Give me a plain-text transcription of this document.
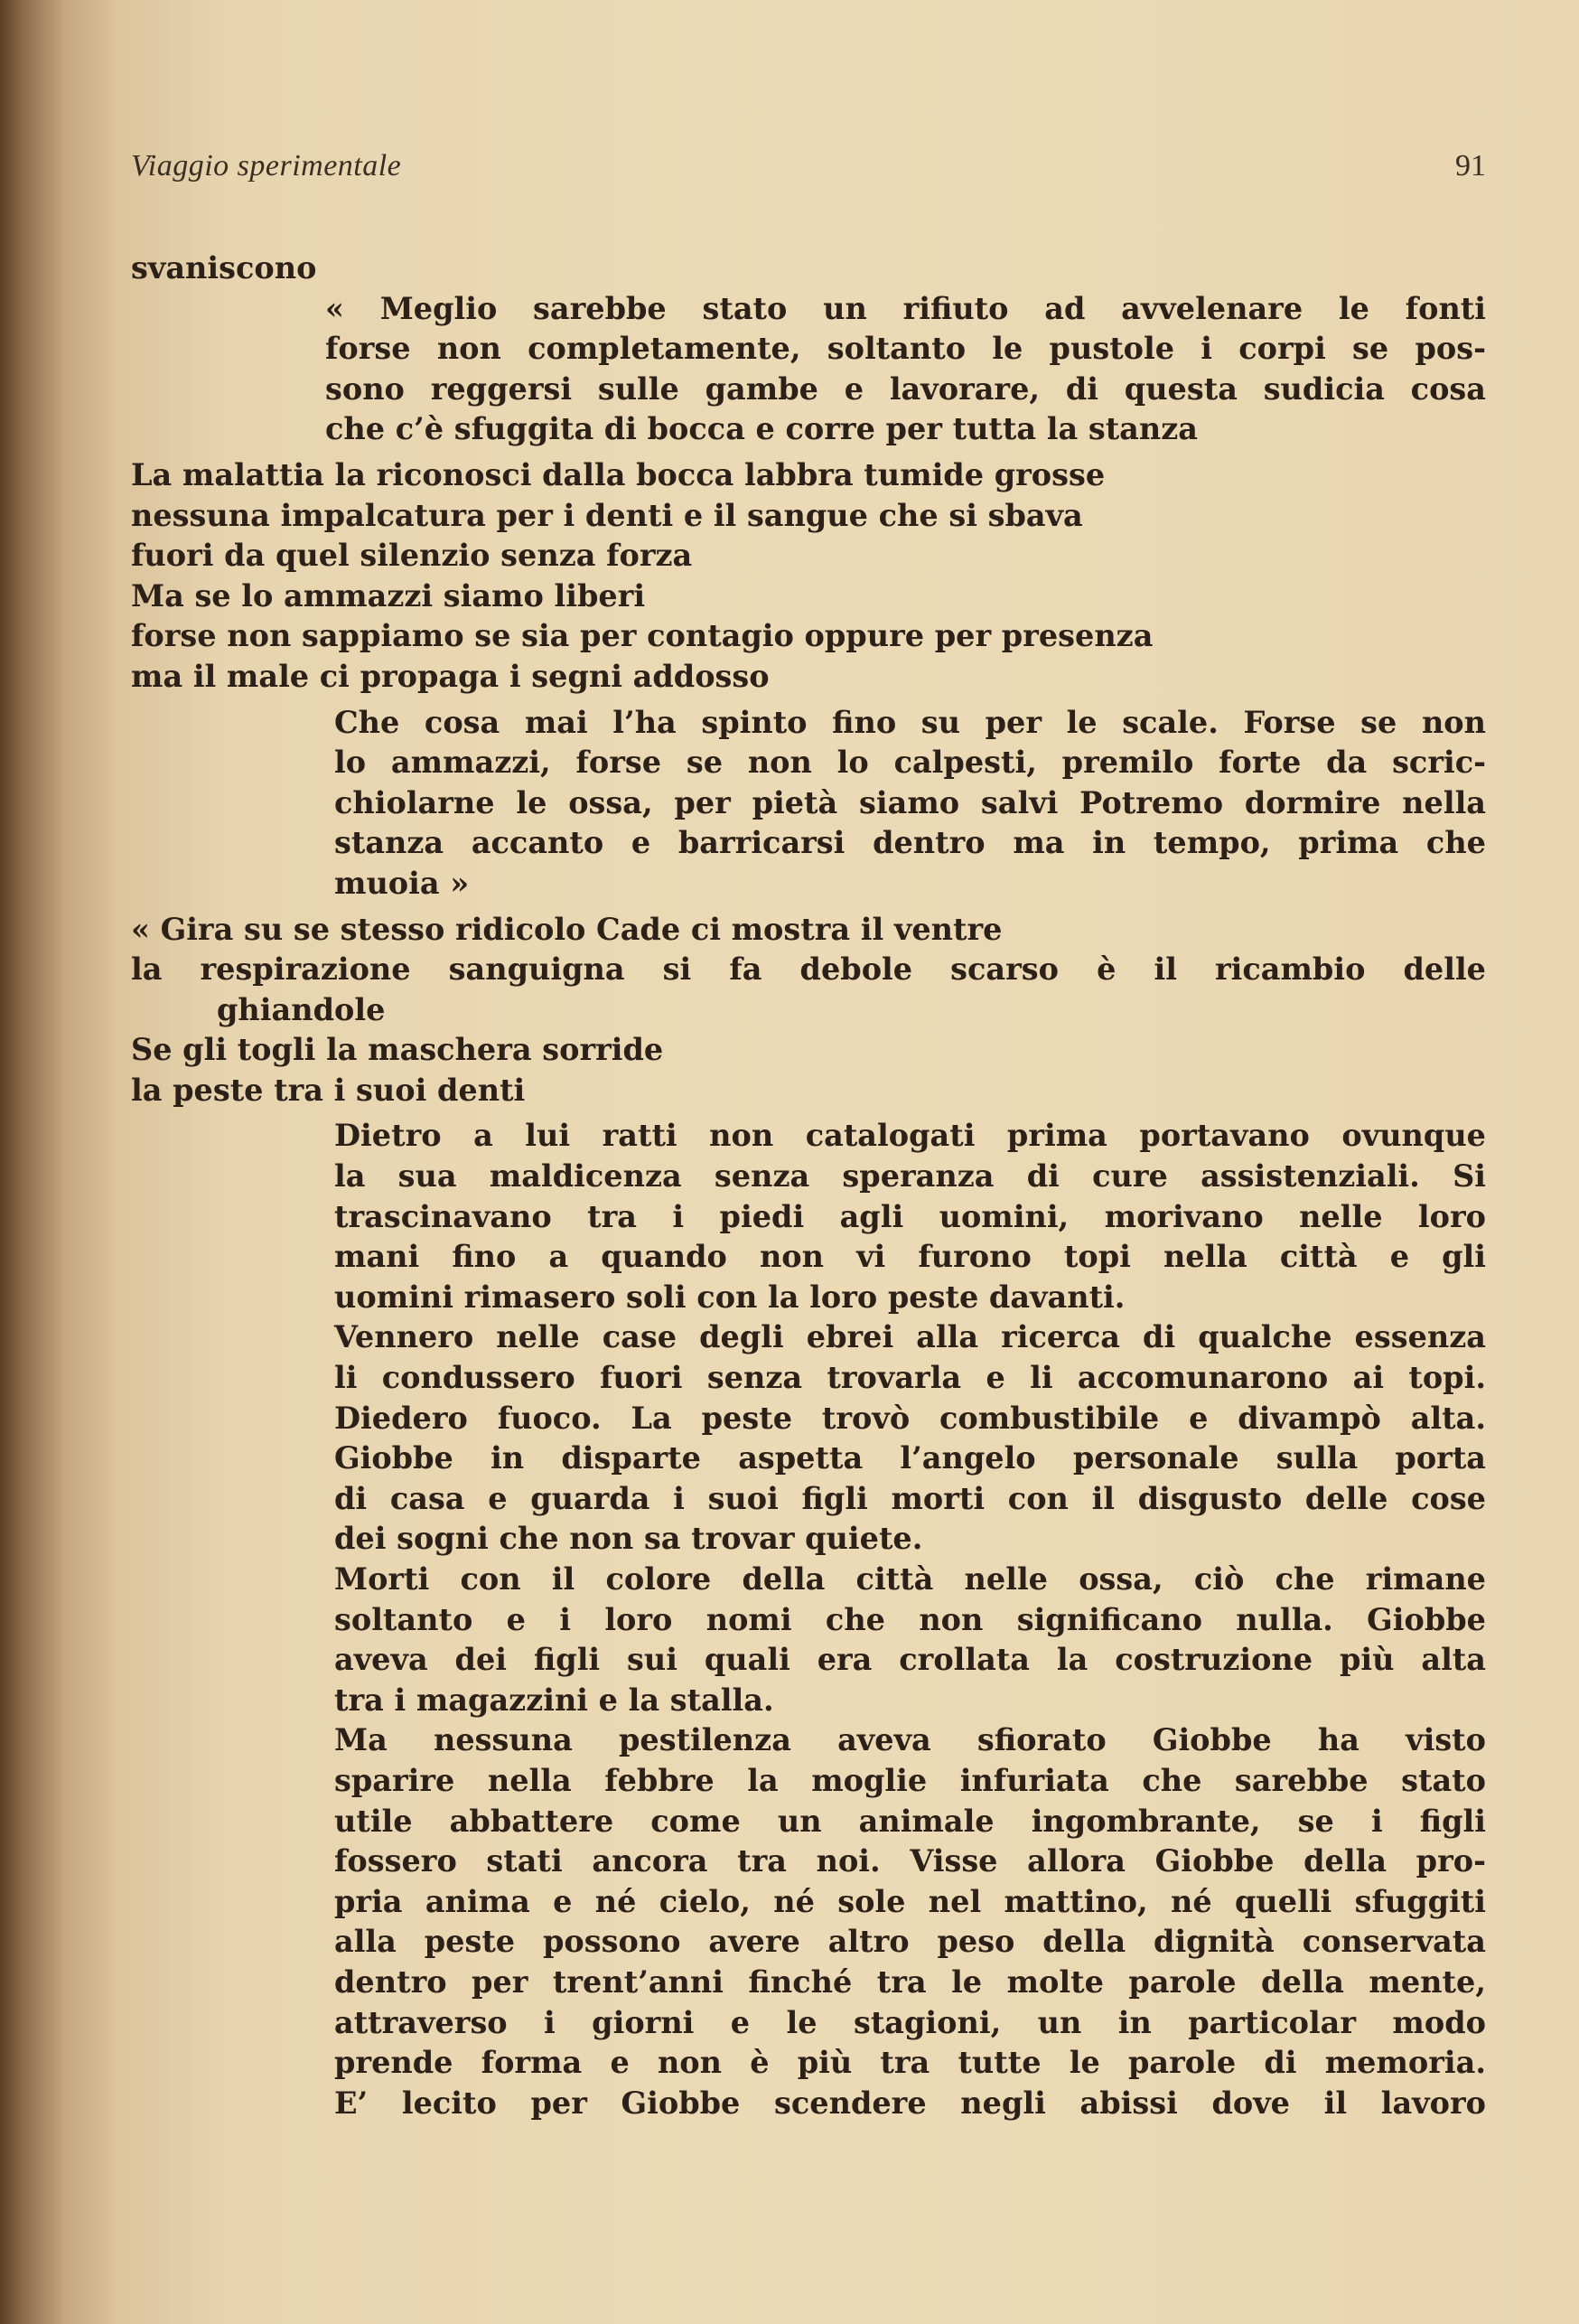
Viaggio sperimentale	91
svaniscono
« Meglio sarebbe stato un rifiuto ad avvelenare le fonti
forse non completamente, soltanto le pustole i corpi se pos-
sono reggersi sulle gambe e lavorare, di questa sudicia cosa
che c’è sfuggita di bocca e corre per tutta la stanza
La malattia la riconosci dalla bocca labbra tumide grosse
nessuna impalcatura per i denti e il sangue che si sbava
fuori da quel silenzio senza forza
Ma se lo ammazzi siamo liberi
forse non sappiamo se sia per contagio oppure per presenza
ma il male ci propaga i segni addosso
Che cosa mai l’ha spinto fino su per le scale. Forse se non
lo ammazzi, forse se non lo calpesti, premilo forte da scric-
chiolarne le ossa, per pietà siamo salvi Potremo dormire nella
stanza accanto e barricarsi dentro ma in tempo, prima che
muoia »
« Gira su se stesso ridicolo Cade ci mostra il ventre
la respirazione sanguigna si fa debole scarso è il ricambio delle
ghiandole
Se gli togli la maschera sorride
la peste tra i suoi denti
Dietro a lui ratti non catalogati prima portavano ovunque
la sua maldicenza senza speranza di cure assistenziali. Si
trascinavano tra i piedi agli uomini, morivano nelle loro
mani fino a quando non vi furono topi nella città e gli
uomini rimasero soli con la loro peste davanti.
Vennero nelle case degli ebrei alla ricerca di qualche essenza
li condussero fuori senza trovarla e li accomunarono ai topi.
Diedero fuoco. La peste trovò combustibile e divampò alta.
Giobbe in disparte aspetta l’angelo personale sulla porta
di casa e guarda i suoi figli morti con il disgusto delle cose
dei sogni che non sa trovar quiete.
Morti con il colore della città nelle ossa, ciò che rimane
soltanto e i loro nomi che non significano nulla. Giobbe
aveva dei figli sui quali era crollata la costruzione più alta
tra i magazzini e la stalla.
Ma nessuna pestilenza aveva sfiorato Giobbe ha visto
sparire nella febbre la moglie infuriata che sarebbe stato
utile abbattere come un animale ingombrante, se i figli
fossero stati ancora tra noi. Visse allora Giobbe della pro-
pria anima e né cielo, né sole nel mattino, né quelli sfuggiti
alla peste possono avere altro peso della dignità conservata
dentro per trent’anni finché tra le molte parole della mente,
attraverso i giorni e le stagioni, un in particolar modo
prende forma e non è più tra tutte le parole di memoria.
E’ lecito per Giobbe scendere negli abissi dove il lavoro
